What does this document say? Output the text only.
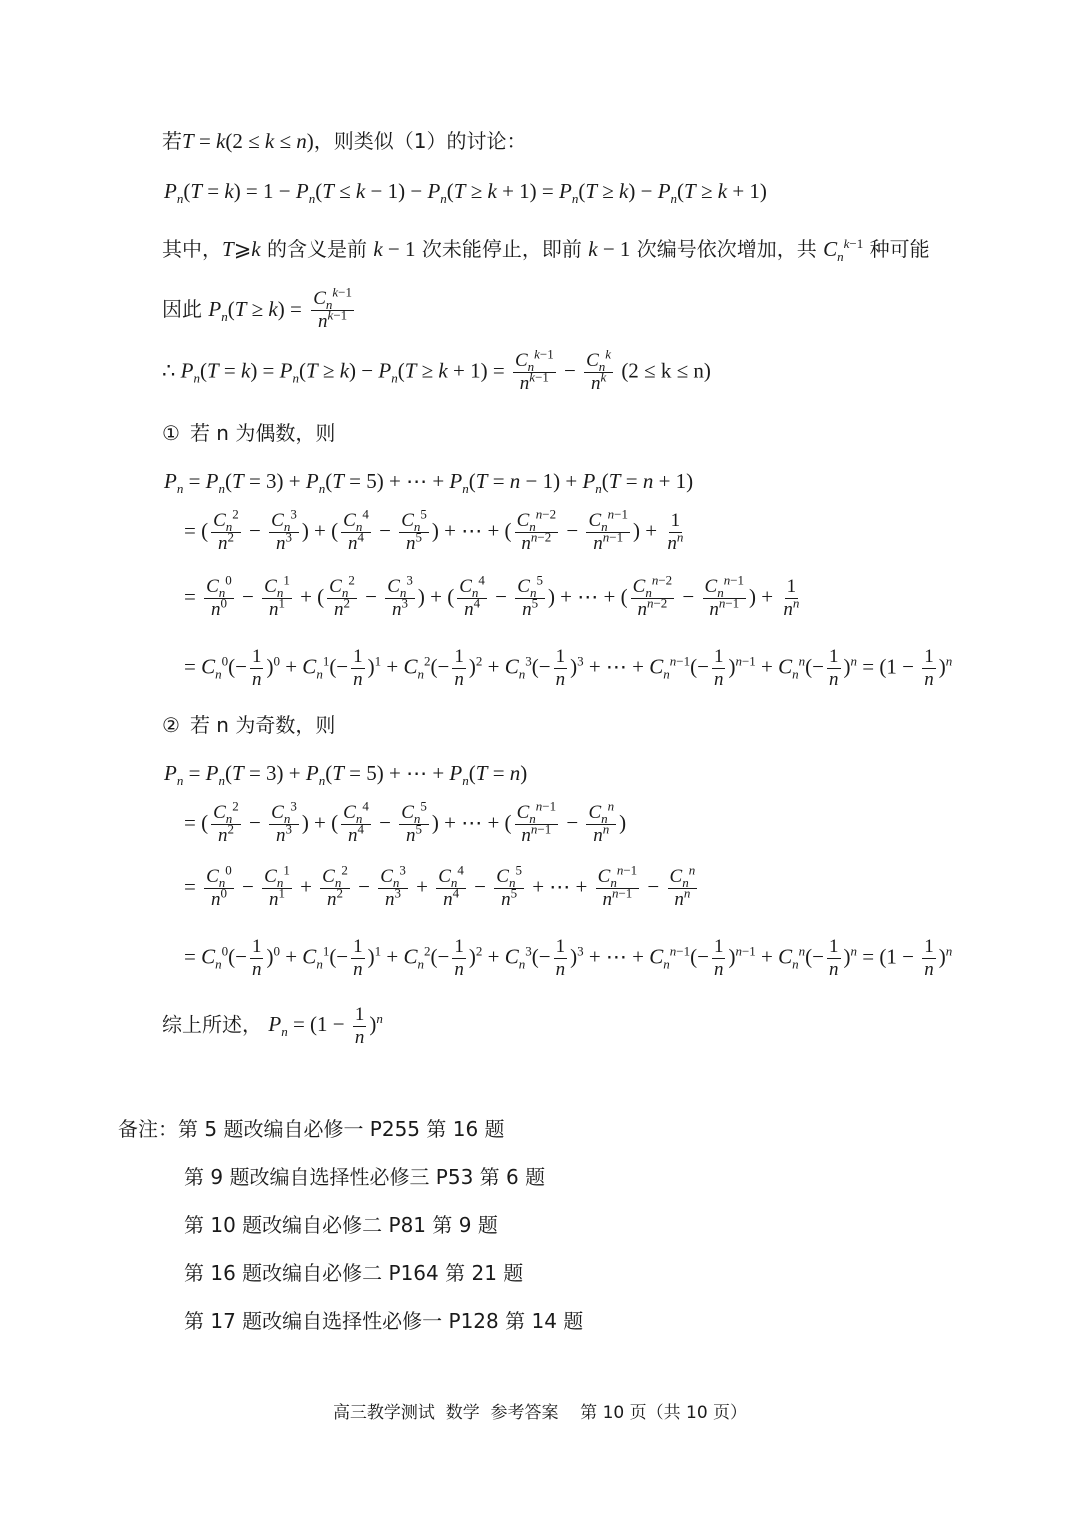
若T = k(2 ≤ k ≤ n)，则类似（1）的讨论：
$P_n(T = k) = 1 - P_n(T \le k - 1) - P_n(T \ge k + 1) = P_n(T \ge k) - P_n(T \ge k + 1)$
其中，T⩾k 的含义是前 k − 1 次未能停止，即前 k − 1 次编号依次增加，共 $C_n^{k-1}$ 种可能
因此 $P_n(T \ge k) = \frac{C_n^{k-1}}{n^{k-1}}$
∴ $P_n(T = k) = P_n(T \ge k) - P_n(T \ge k + 1) = \frac{C_n^{k-1}}{n^{k-1}} - \frac{C_n^k}{n^k} (2 \le k \le n)$
① 若 n 为偶数，则
$P_n = P_n(T = 3) + P_n(T = 5)$ + ⋯ + $P_n(T = n - 1) + P_n(T = n + 1)$
= ( $\frac{C_n^2}{n^2} - \frac{C_n^3}{n^3}$ ) + ( $\frac{C_n^4}{n^4} - \frac{C_n^5}{n^5}$ ) + ⋯ + ( $\frac{C_n^{n-2}}{n^{n-2}} - \frac{C_n^{n-1}}{n^{n-1}}$ ) + $\frac{1}{n^n}$
= $\frac{C_n^0}{n^0} - \frac{C_n^1}{n^1}$ + ( $\frac{C_n^2}{n^2} - \frac{C_n^3}{n^3}$ ) + ( $\frac{C_n^4}{n^4} - \frac{C_n^5}{n^5}$ ) + ⋯ + ( $\frac{C_n^{n-2}}{n^{n-2}} - \frac{C_n^{n-1}}{n^{n-1}}$ ) + $\frac{1}{n^n}$
= $C_n^0(- \frac{1}{n} )^0 + C_n^1(- \frac{1}{n} )^1 + C_n^2(- \frac{1}{n} )^2 + C_n^3(- \frac{1}{n} )^3$ + ⋯ + $C_n^{n-1}(- \frac{1}{n} )^{n-1} + C_n^n(- \frac{1}{n} )^n = (1 - \frac{1}{n} )^n$
② 若 n 为奇数，则
$P_n = P_n(T = 3) + P_n(T = 5)$ + ⋯ + $P_n(T = n)$
= ( $\frac{C_n^2}{n^2} - \frac{C_n^3}{n^3}$ ) + ( $\frac{C_n^4}{n^4} - \frac{C_n^5}{n^5}$ ) + ⋯ + ( $\frac{C_n^{n-1}}{n^{n-1}} - \frac{C_n^n}{n^n}$ )
= $\frac{C_n^0}{n^0} - \frac{C_n^1}{n^1} + \frac{C_n^2}{n^2} - \frac{C_n^3}{n^3} + \frac{C_n^4}{n^4} - \frac{C_n^5}{n^5}$ + ⋯ + $\frac{C_n^{n-1}}{n^{n-1}} - \frac{C_n^n}{n^n}$
= $C_n^0(- \frac{1}{n} )^0 + C_n^1(- \frac{1}{n} )^1 + C_n^2(- \frac{1}{n} )^2 + C_n^3(- \frac{1}{n} )^3$ + ⋯ + $C_n^{n-1}(- \frac{1}{n} )^{n-1} + C_n^n(- \frac{1}{n} )^n = (1 - \frac{1}{n} )^n$
综上所述， $P_n = (1 - \frac{1}{n} )^n$
备注：第 5 题改编自必修一 P255 第 16 题
第 9 题改编自选择性必修三 P53 第 6 题
第 10 题改编自必修二 P81 第 9 题
第 16 题改编自必修二 P164 第 21 题
第 17 题改编自选择性必修一 P128 第 14 题
高三教学测试  数学  参考答案    第 10 页（共 10 页）
